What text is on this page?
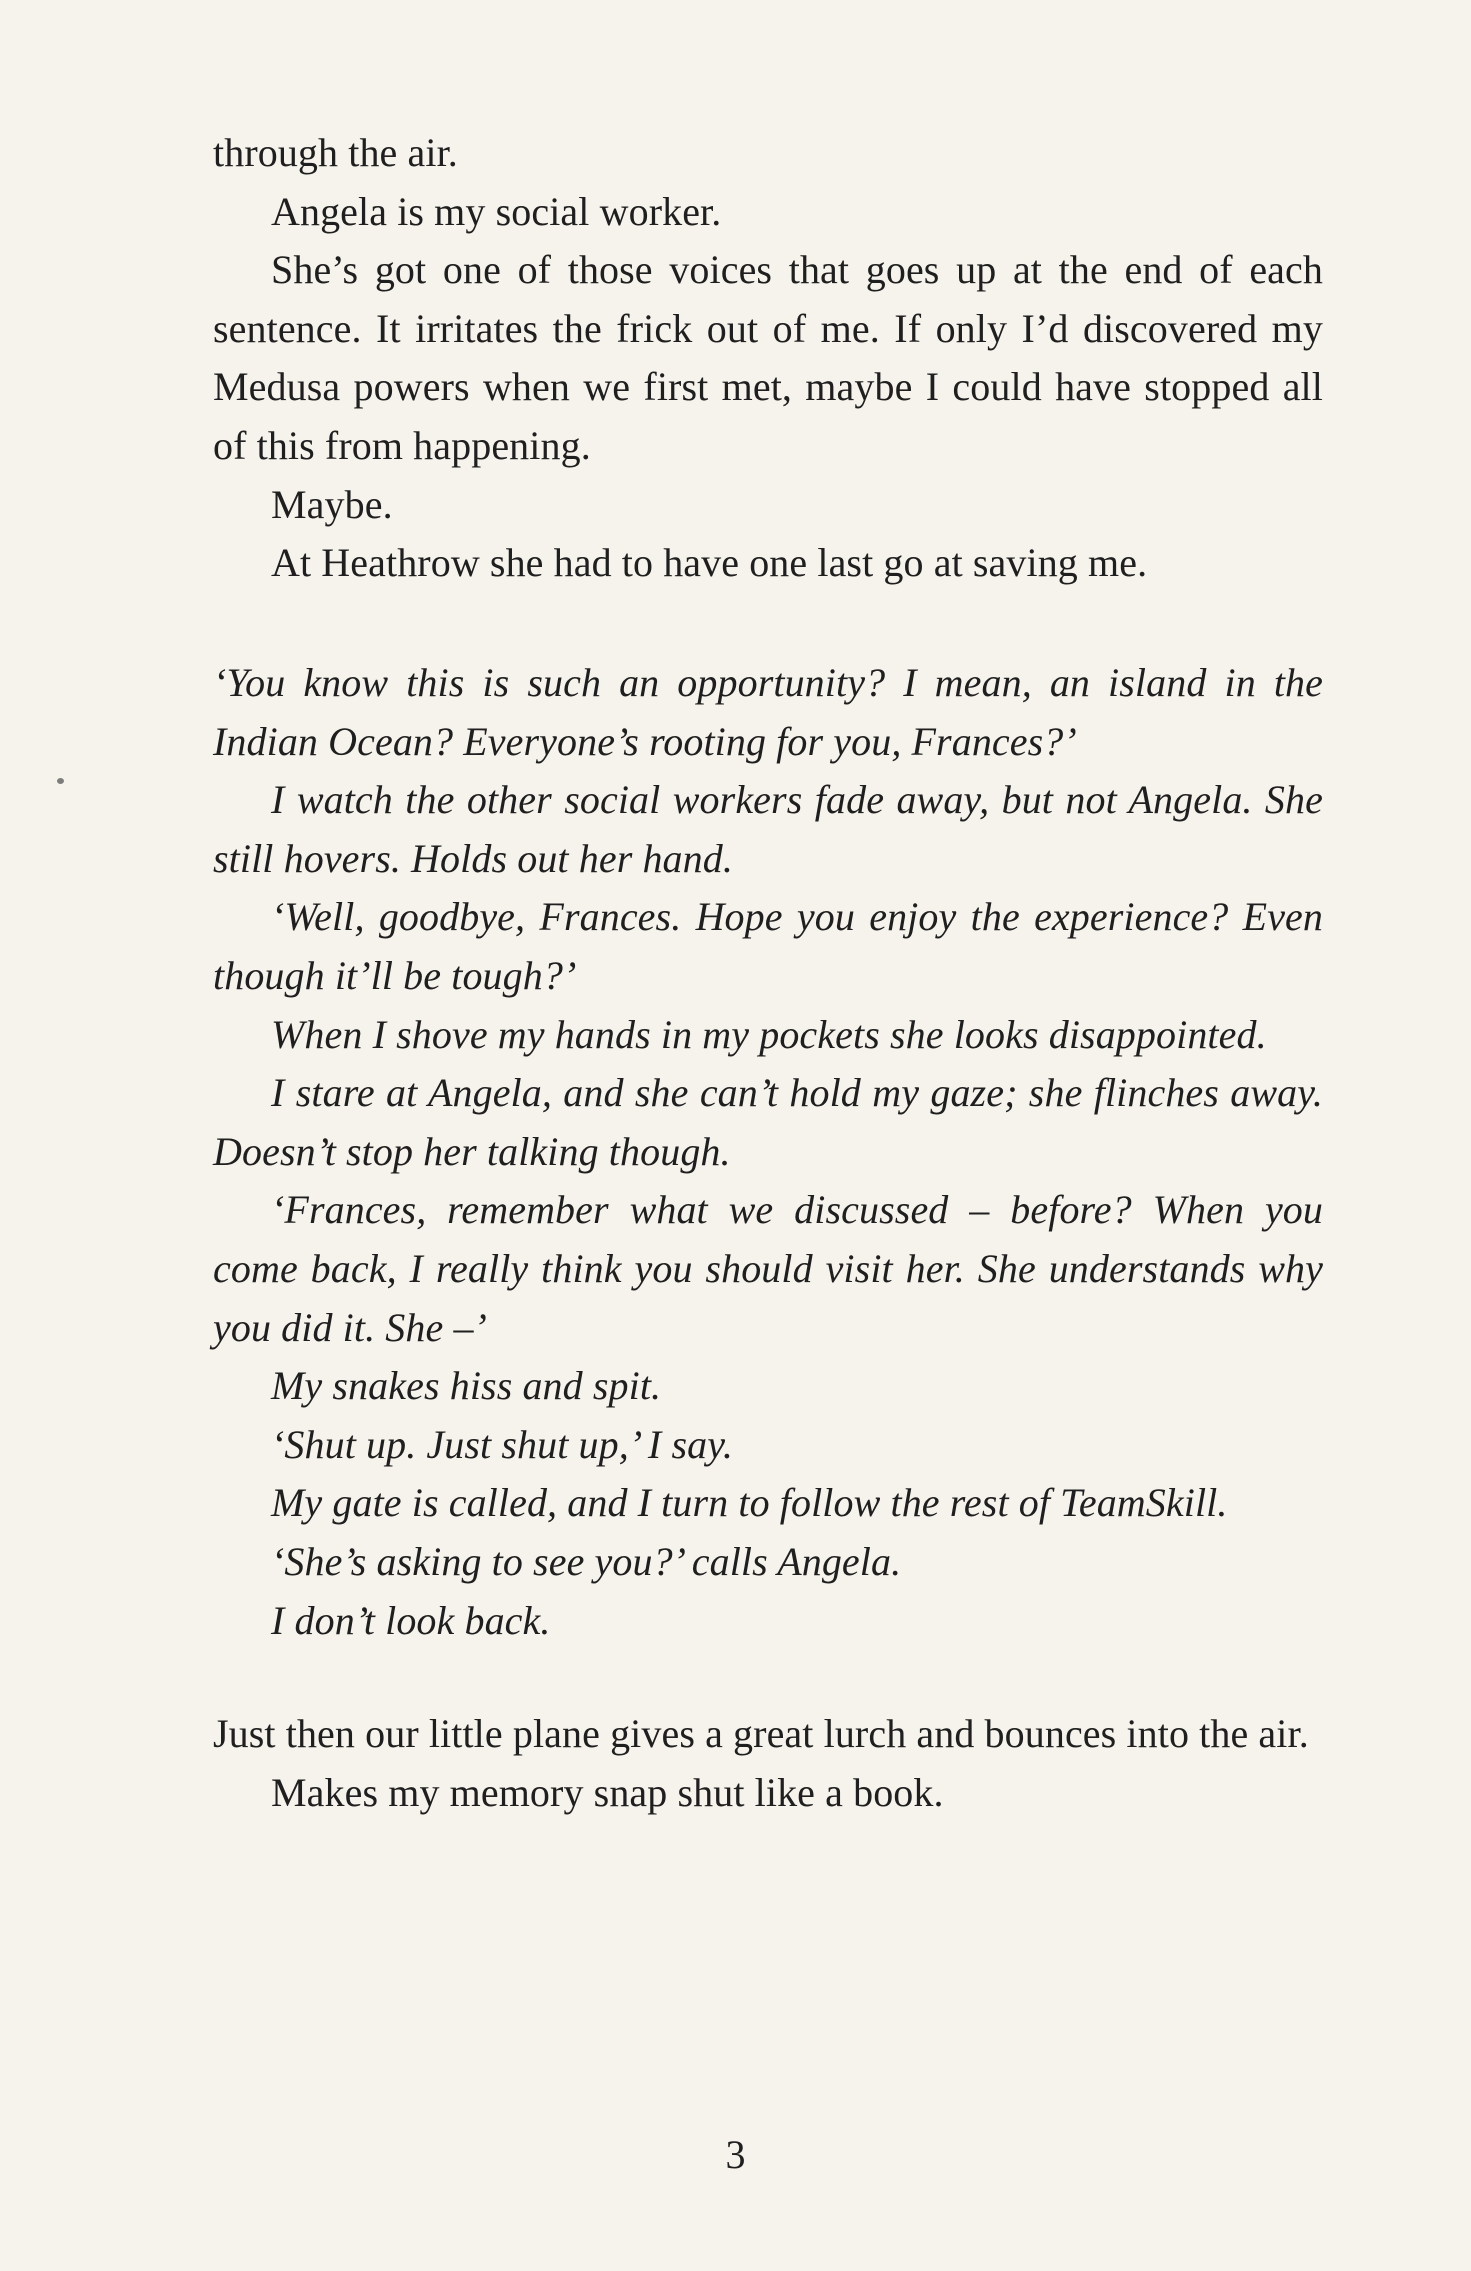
through the air.

Angela is my social worker.

She’s got one of those voices that goes up at the end of each sentence. It irritates the frick out of me. If only I’d discovered my Medusa powers when we first met, maybe I could have stopped all of this from happening.

Maybe.

At Heathrow she had to have one last go at saving me.

‘You know this is such an opportunity? I mean, an island in the Indian Ocean? Everyone’s rooting for you, Frances?’

I watch the other social workers fade away, but not Angela. She still hovers. Holds out her hand.

‘Well, goodbye, Frances. Hope you enjoy the experience? Even though it’ll be tough?’

When I shove my hands in my pockets she looks disappointed.

I stare at Angela, and she can’t hold my gaze; she flinches away. Doesn’t stop her talking though.

‘Frances, remember what we discussed – before? When you come back, I really think you should visit her. She understands why you did it. She –’

My snakes hiss and spit.

‘Shut up. Just shut up,’ I say.

My gate is called, and I turn to follow the rest of TeamSkill.

‘She’s asking to see you?’ calls Angela.

I don’t look back.

Just then our little plane gives a great lurch and bounces into the air.

Makes my memory snap shut like a book.

3
